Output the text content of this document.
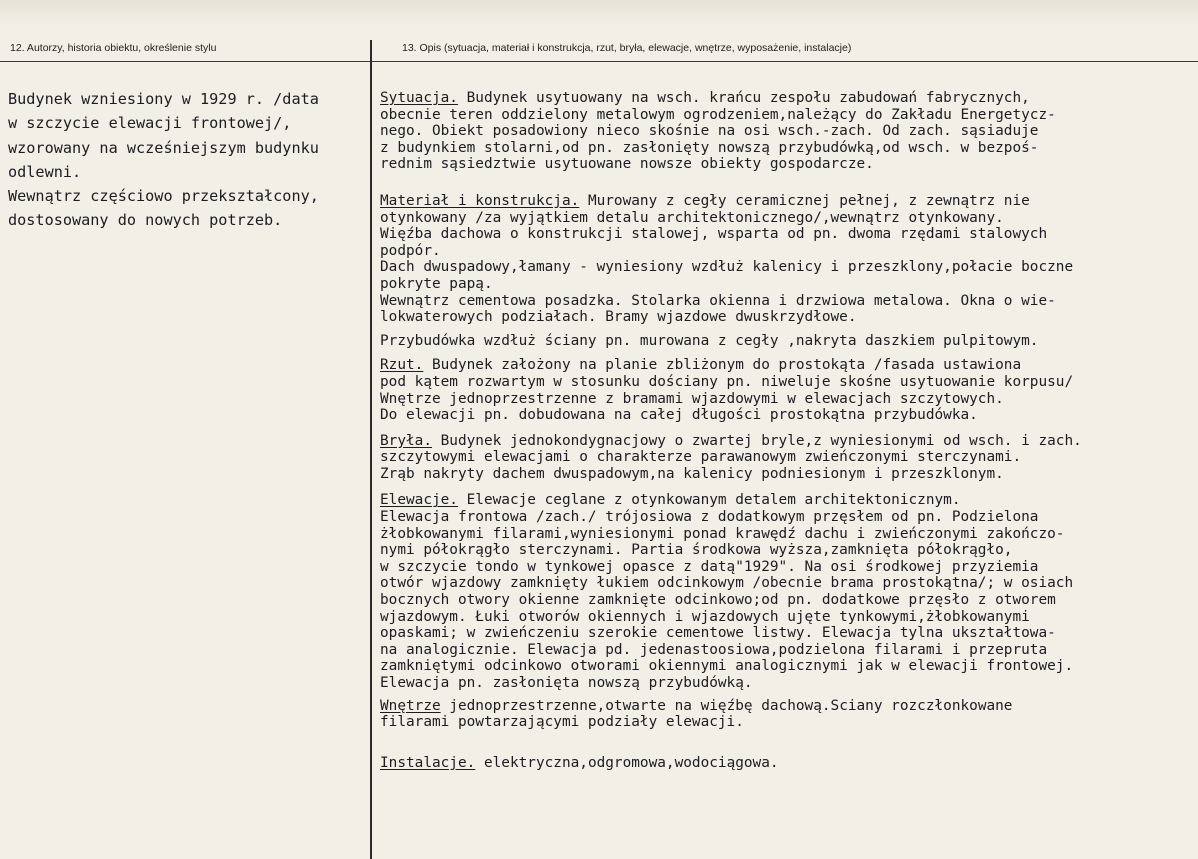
12. Autorzy, historia obiektu, określenie stylu	13. Opis (sytuacja, materiał i konstrukcja, rzut, bryła, elewacje, wnętrze, wyposażenie, instalacje)
Budynek wzniesiony w 1929 r. /data
w szczycie elewacji frontowej/,
wzorowany na wcześniejszym budynku
odlewni.
Wewnątrz częściowo przekształcony,
dostosowany do nowych potrzeb.
Sytuacja. Budynek usytuowany na wsch. krańcu zespołu zabudowań fabrycznych,
obecnie teren oddzielony metalowym ogrodzeniem,należący do Zakładu Energetycz-
nego. Obiekt posadowiony nieco skośnie na osi wsch.-zach. Od zach. sąsiaduje
z budynkiem stolarni,od pn. zasłonięty nowszą przybudówką,od wsch. w bezpoś-
rednim sąsiedztwie usytuowane nowsze obiekty gospodarcze.
Materiał i konstrukcja. Murowany z cegły ceramicznej pełnej, z zewnątrz nie
otynkowany /za wyjątkiem detalu architektonicznego/,wewnątrz otynkowany.
Więźba dachowa o konstrukcji stalowej, wsparta od pn. dwoma rzędami stalowych
podpór.
Dach dwuspadowy,łamany - wyniesiony wzdłuż kalenicy i przeszklony,połacie boczne
pokryte papą.
Wewnątrz cementowa posadzka. Stolarka okienna i drzwiowa metalowa. Okna o wie-
lokwaterowych podziałach. Bramy wjazdowe dwuskrzydłowe.
Przybudówka wzdłuż ściany pn. murowana z cegły ,nakryta daszkiem pulpitowym.
Rzut. Budynek założony na planie zbliżonym do prostokąta /fasada ustawiona
pod kątem rozwartym w stosunku dościany pn. niweluje skośne usytuowanie korpusu/
Wnętrze jednoprzestrzenne z bramami wjazdowymi w elewacjach szczytowych.
Do elewacji pn. dobudowana na całej długości prostokątna przybudówka.
Bryła. Budynek jednokondygnacjowy o zwartej bryle,z wyniesionymi od wsch. i zach.
szczytowymi elewacjami o charakterze parawanowym zwieńczonymi sterczynami.
Zrąb nakryty dachem dwuspadowym,na kalenicy podniesionym i przeszklonym.
Elewacje. Elewacje ceglane z otynkowanym detalem architektonicznym.
Elewacja frontowa /zach./ trójosiowa z dodatkowym przęsłem od pn. Podzielona
żłobkowanymi filarami,wyniesionymi ponad krawędź dachu i zwieńczonymi zakończo-
nymi półokrągło sterczynami. Partia środkowa wyższa,zamknięta półokrągło,
w szczycie tondo w tynkowej opasce z datą"1929". Na osi środkowej przyziemia
otwór wjazdowy zamknięty łukiem odcinkowym /obecnie brama prostokątna/; w osiach
bocznych otwory okienne zamknięte odcinkowo;od pn. dodatkowe przęsło z otworem
wjazdowym. Łuki otworów okiennych i wjazdowych ujęte tynkowymi,żłobkowanymi
opaskami; w zwieńczeniu szerokie cementowe listwy. Elewacja tylna ukształtowa-
na analogicznie. Elewacja pd. jedenastoosiowa,podzielona filarami i przepruta
zamkniętymi odcinkowo otworami okiennymi analogicznymi jak w elewacji frontowej.
Elewacja pn. zasłonięta nowszą przybudówką.
Wnętrze jednoprzestrzenne,otwarte na więźbę dachową.Sciany rozczłonkowane
filarami powtarzającymi podziały elewacji.
Instalacje. elektryczna,odgromowa,wodociągowa.
